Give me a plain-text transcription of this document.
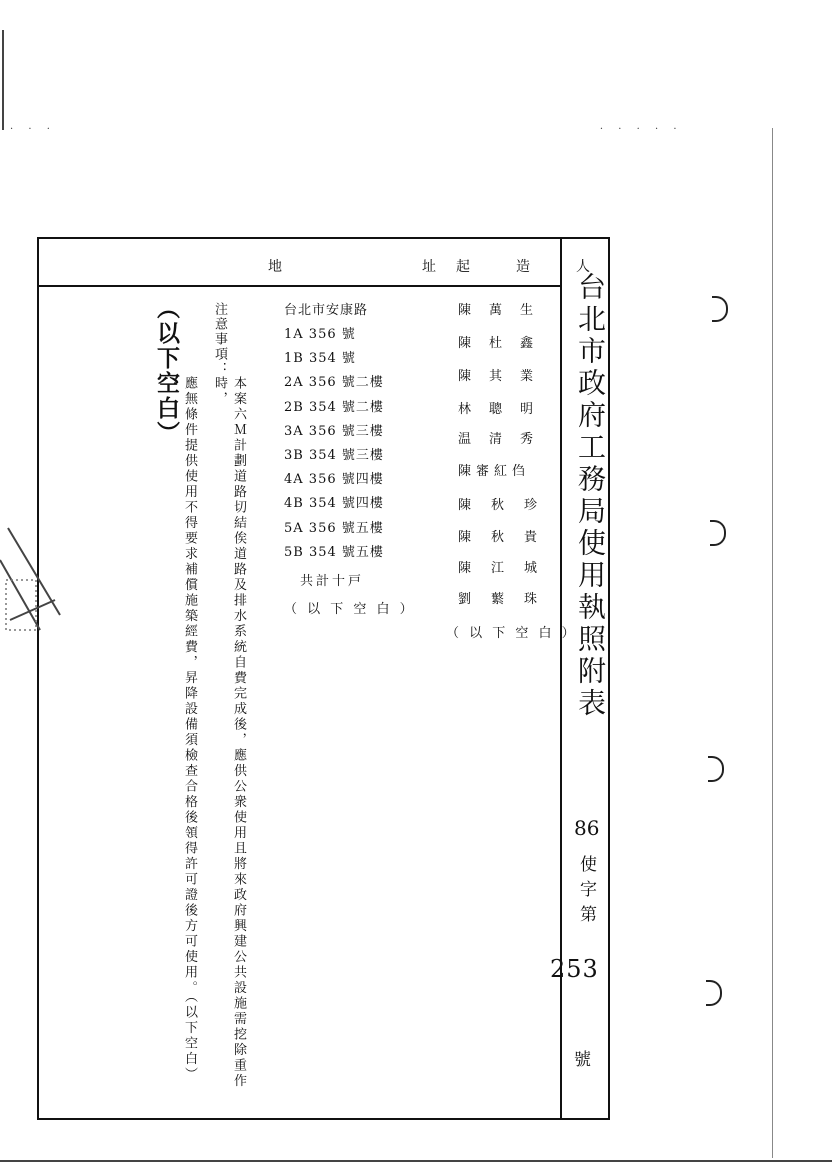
· · ·　　　　　　　　　　　　　　　　　　　　　　　　　　　　　　　　　　· · · · ·
地　　　　　　　　　　址 起　造　人
台北市政府工務局使用執照附表
86
使字第
253
號
台北市安康路
1A 356 號
1B 354 號
2A 356 號二樓
2B 354 號二樓
3A 356 號三樓
3B 354 號三樓
4A 356 號四樓
4B 354 號四樓
5A 356 號五樓
5B 354 號五樓
共計十戸
（ 以 下 空 白 ）
陳萬生
陳杜鑫
陳其業
林聰明
温清秀
陳審紅㑇
陳秋珍
陳秋貴
陳江城
劉蘩珠
（ 以 下 空 白 ）
注意事項：
本案六Ｍ計劃道路切結俟道路及排水系統自費完成後，應供公衆使用且將來政府興建公共設施需挖除重作時，
應無條件提供使用不得要求補償施築經費，昇降設備須檢查合格後領得許可證後方可使用。（以下空白）
（以下空白）
